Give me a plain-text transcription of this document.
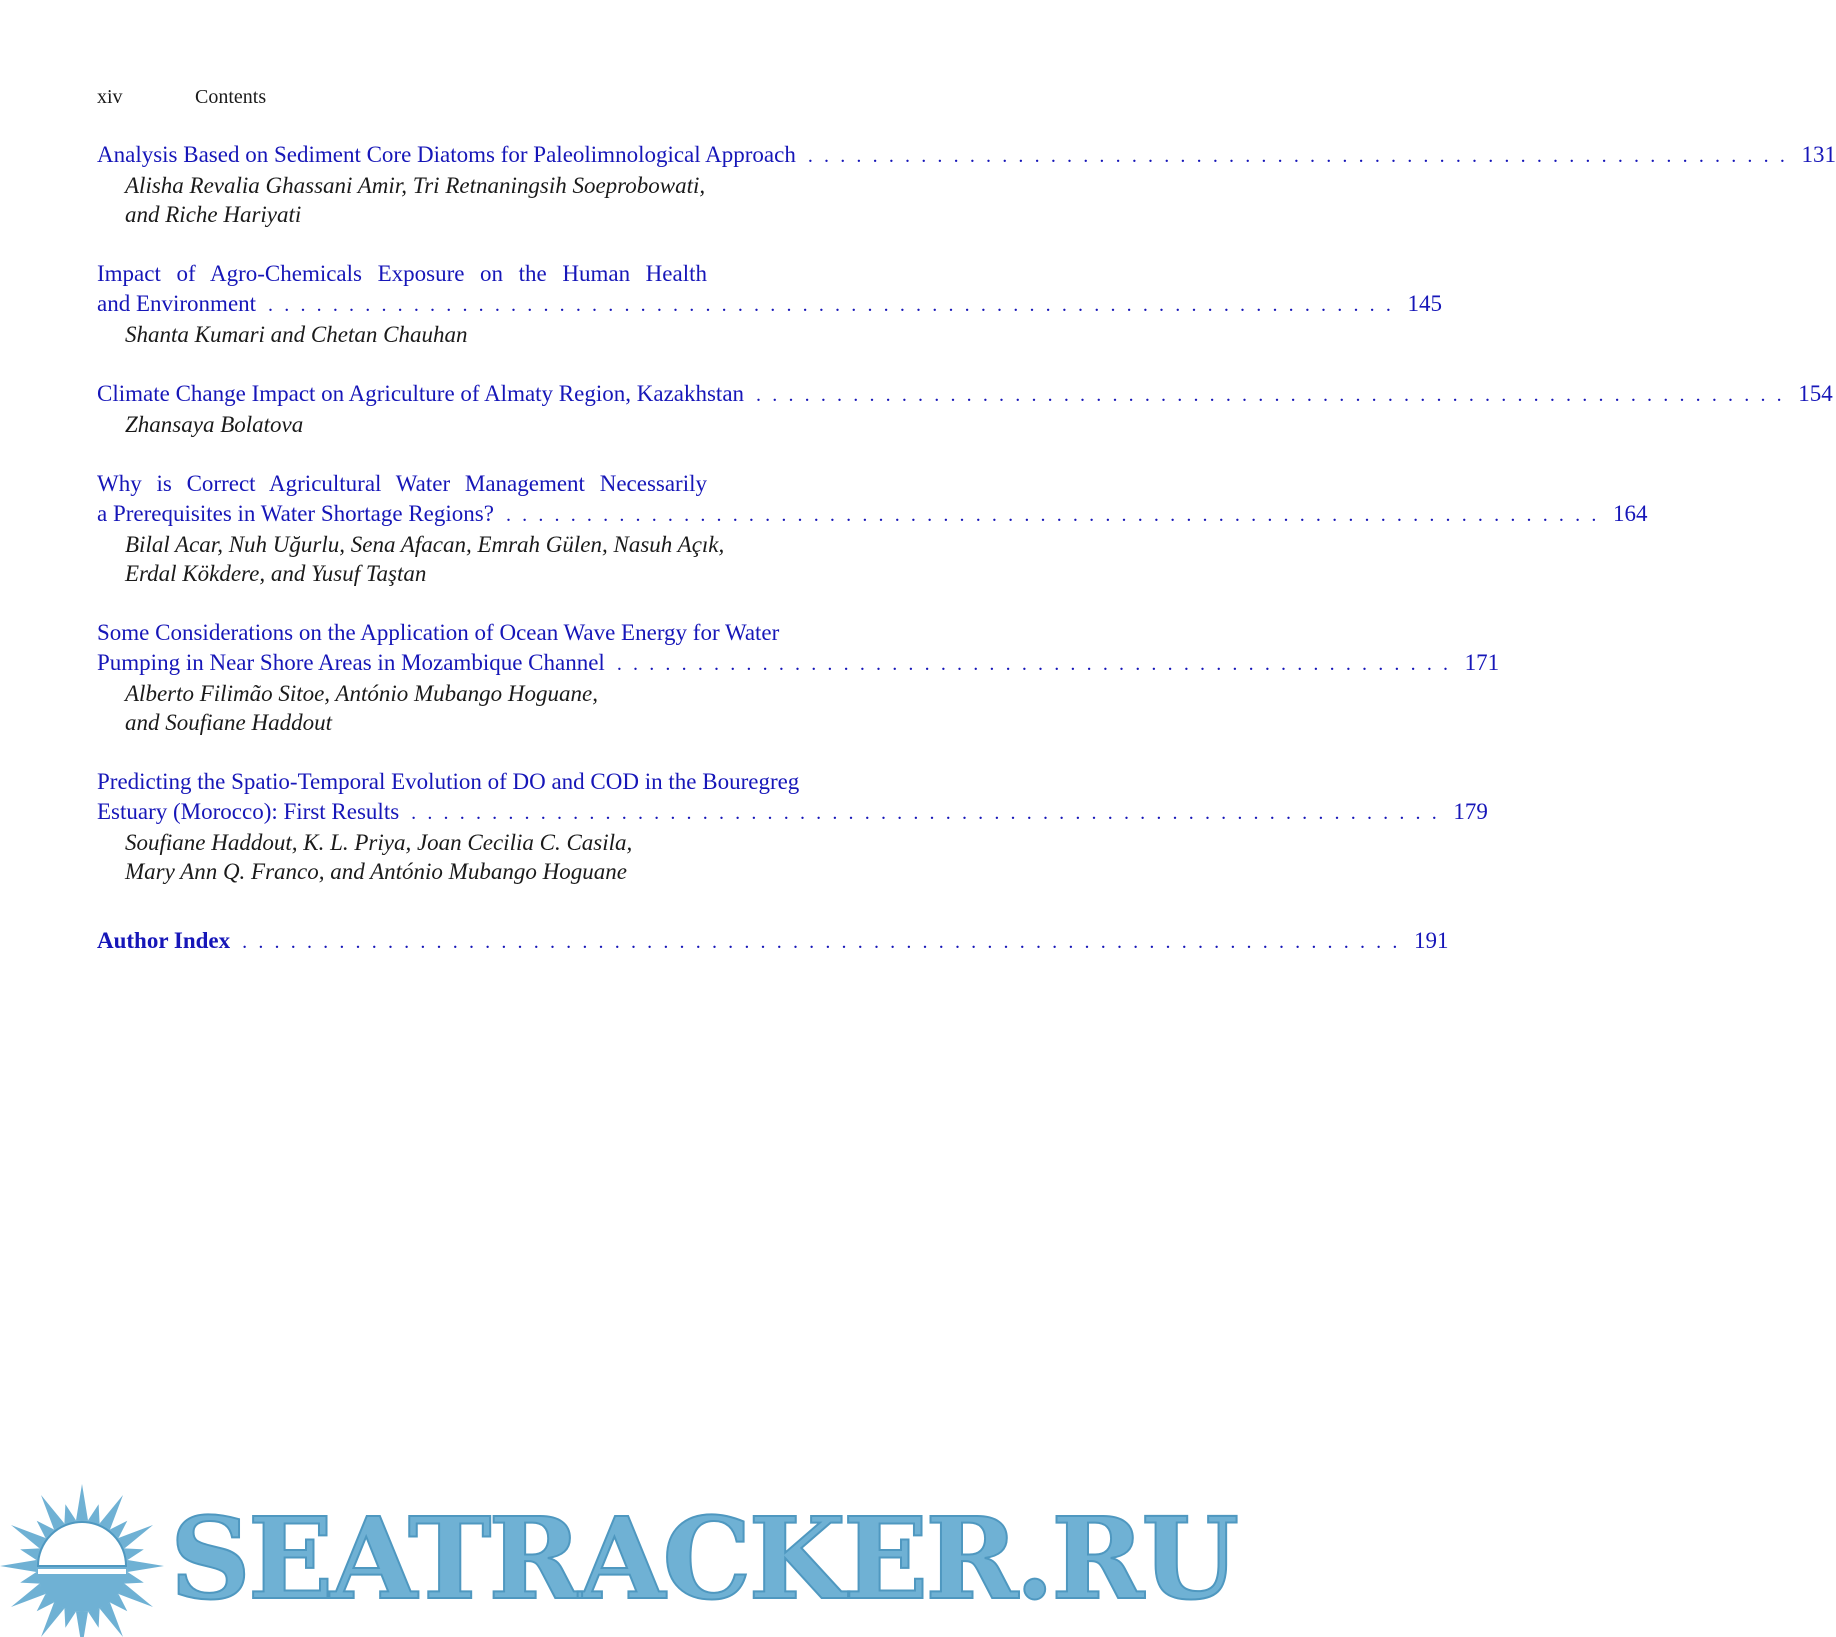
xiv	Contents
Analysis Based on Sediment Core Diatoms for Paleolimnological Approach . . . . . . . . . . . . . . . . . . . . . . . . . . . . . . . . . . . . . . . . . . . . . . . . . . . . . . . . . . . . . 131
Alisha Revalia Ghassani Amir, Tri Retnaningsih Soeprobowati,
and Riche Hariyati
Impact of Agro-Chemicals Exposure on the Human Health
and Environment . . . . . . . . . . . . . . . . . . . . . . . . . . . . . . . . . . . . . . . . . . . . . . . . . . . . . . . . . . . . . . . . . . . . . . 145
Shanta Kumari and Chetan Chauhan
Climate Change Impact on Agriculture of Almaty Region, Kazakhstan . . . . . . . . . . . . . . . . . . . . . . . . . . . . . . . . . . . . . . . . . . . . . . . . . . . . . . . . . . . . . . . . 154
Zhansaya Bolatova
Why is Correct Agricultural Water Management Necessarily
a Prerequisites in Water Shortage Regions? . . . . . . . . . . . . . . . . . . . . . . . . . . . . . . . . . . . . . . . . . . . . . . . . . . . . . . . . . . . . . . . . . . . . 164
Bilal Acar, Nuh Uğurlu, Sena Afacan, Emrah Gülen, Nasuh Açık,
Erdal Kökdere, and Yusuf Taştan
Some Considerations on the Application of Ocean Wave Energy for Water
Pumping in Near Shore Areas in Mozambique Channel . . . . . . . . . . . . . . . . . . . . . . . . . . . . . . . . . . . . . . . . . . . . . . . . . . . . 171
Alberto Filimão Sitoe, António Mubango Hoguane,
and Soufiane Haddout
Predicting the Spatio-Temporal Evolution of DO and COD in the Bouregreg
Estuary (Morocco): First Results . . . . . . . . . . . . . . . . . . . . . . . . . . . . . . . . . . . . . . . . . . . . . . . . . . . . . . . . . . . . . . . . 179
Soufiane Haddout, K. L. Priya, Joan Cecilia C. Casila,
Mary Ann Q. Franco, and António Mubango Hoguane
Author Index . . . . . . . . . . . . . . . . . . . . . . . . . . . . . . . . . . . . . . . . . . . . . . . . . . . . . . . . . . . . . . . . . . . . . . . . 191
SEATRACKER.RU
